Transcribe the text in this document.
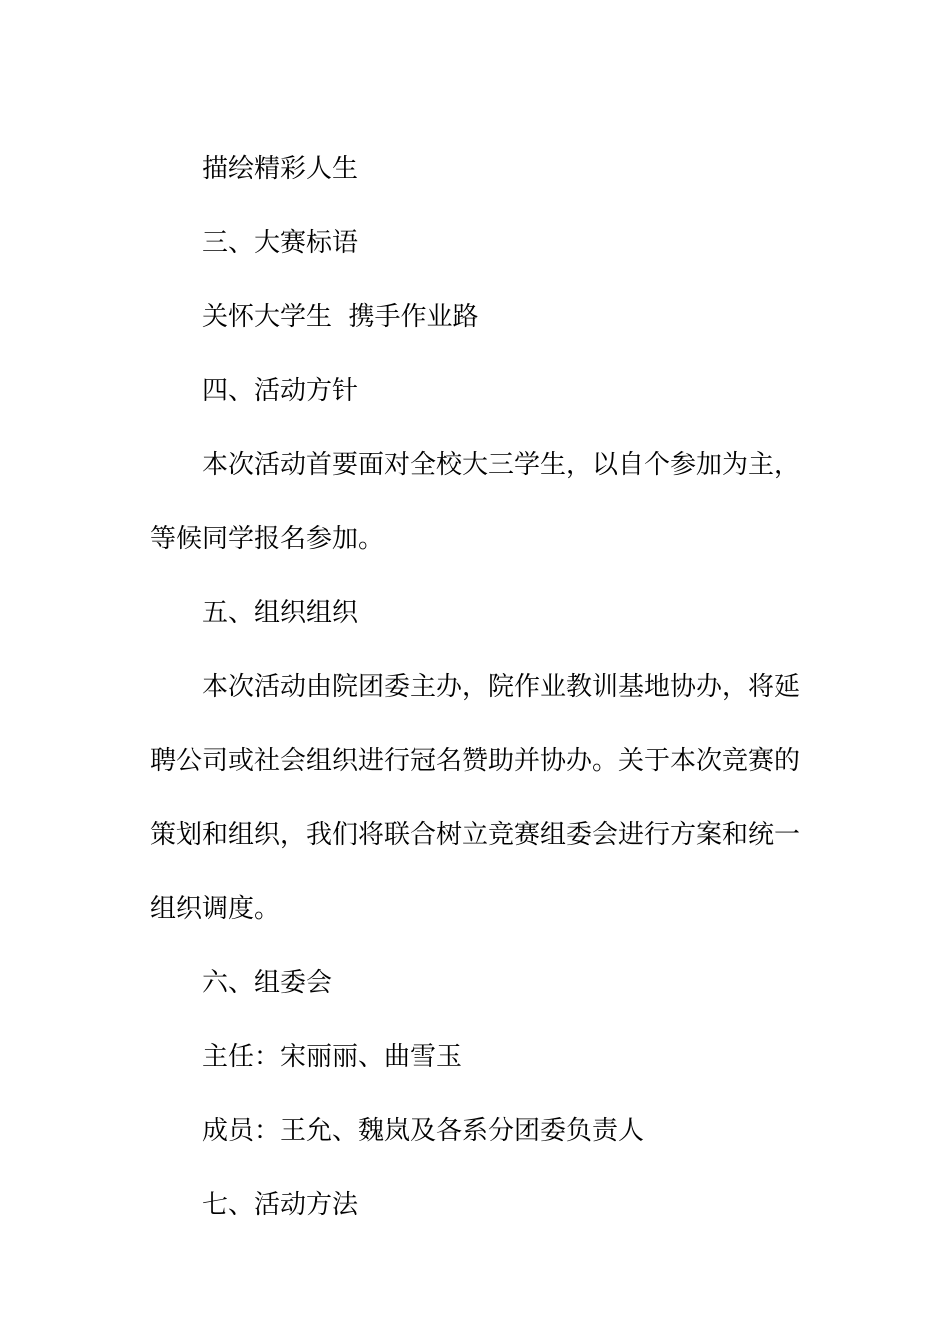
描绘精彩人生
三、大赛标语
关怀大学生  携手作业路
四、活动方针
本次活动首要面对全校大三学生，以自个参加为主，
等候同学报名参加。
五、组织组织
本次活动由院团委主办，院作业教训基地协办，将延
聘公司或社会组织进行冠名赞助并协办。关于本次竞赛的
策划和组织，我们将联合树立竞赛组委会进行方案和统一
组织调度。
六、组委会
主任：宋丽丽、曲雪玉
成员：王允、魏岚及各系分团委负责人
七、活动方法
